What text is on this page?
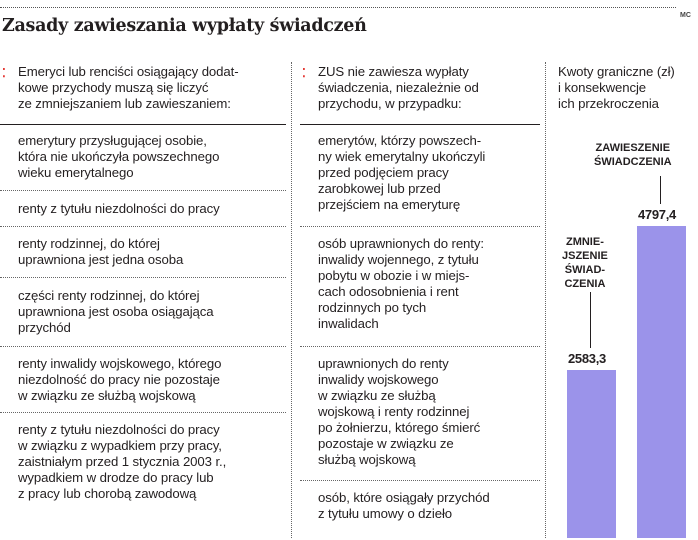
MC
Zasady zawieszania wypłaty świadczeń
⁚ Emeryci lub renciści osiągający dodat-
kowe przychody muszą się liczyć
ze zmniejszaniem lub zawieszaniem:
emerytury przysługującej osobie,
która nie ukończyła powszechnego
wieku emerytalnego
renty z tytułu niezdolności do pracy
renty rodzinnej, do której
uprawniona jest jedna osoba
części renty rodzinnej, do której
uprawniona jest osoba osiągająca
przychód
renty inwalidy wojskowego, którego
niezdolność do pracy nie pozostaje
w związku ze służbą wojskową
renty z tytułu niezdolności do pracy
w związku z wypadkiem przy pracy,
zaistniałym przed 1 stycznia 2003 r.,
wypadkiem w drodze do pracy lub
z pracy lub chorobą zawodową
⁚ ZUS nie zawiesza wypłaty
świadczenia, niezależnie od
przychodu, w przypadku:
emerytów, którzy powszech-
ny wiek emerytalny ukończyli
przed podjęciem pracy
zarobkowej lub przed
przejściem na emeryturę
osób uprawnionych do renty:
inwalidy wojennego, z tytułu
pobytu w obozie i w miejs-
cach odosobnienia i rent
rodzinnych po tych
inwalidach
uprawnionych do renty
inwalidy wojskowego
w związku ze służbą
wojskową i renty rodzinnej
po żołnierzu, którego śmierć
pozostaje w związku ze
służbą wojskową
osób, które osiągały przychód
z tytułu umowy o dzieło
Kwoty graniczne (zł)
i konsekwencje
ich przekroczenia
2583,3
4797,4
ZMNIE-
JSZENIE
ŚWIAD-
CZENIA
ZAWIESZENIE
ŚWIADCZENIA
